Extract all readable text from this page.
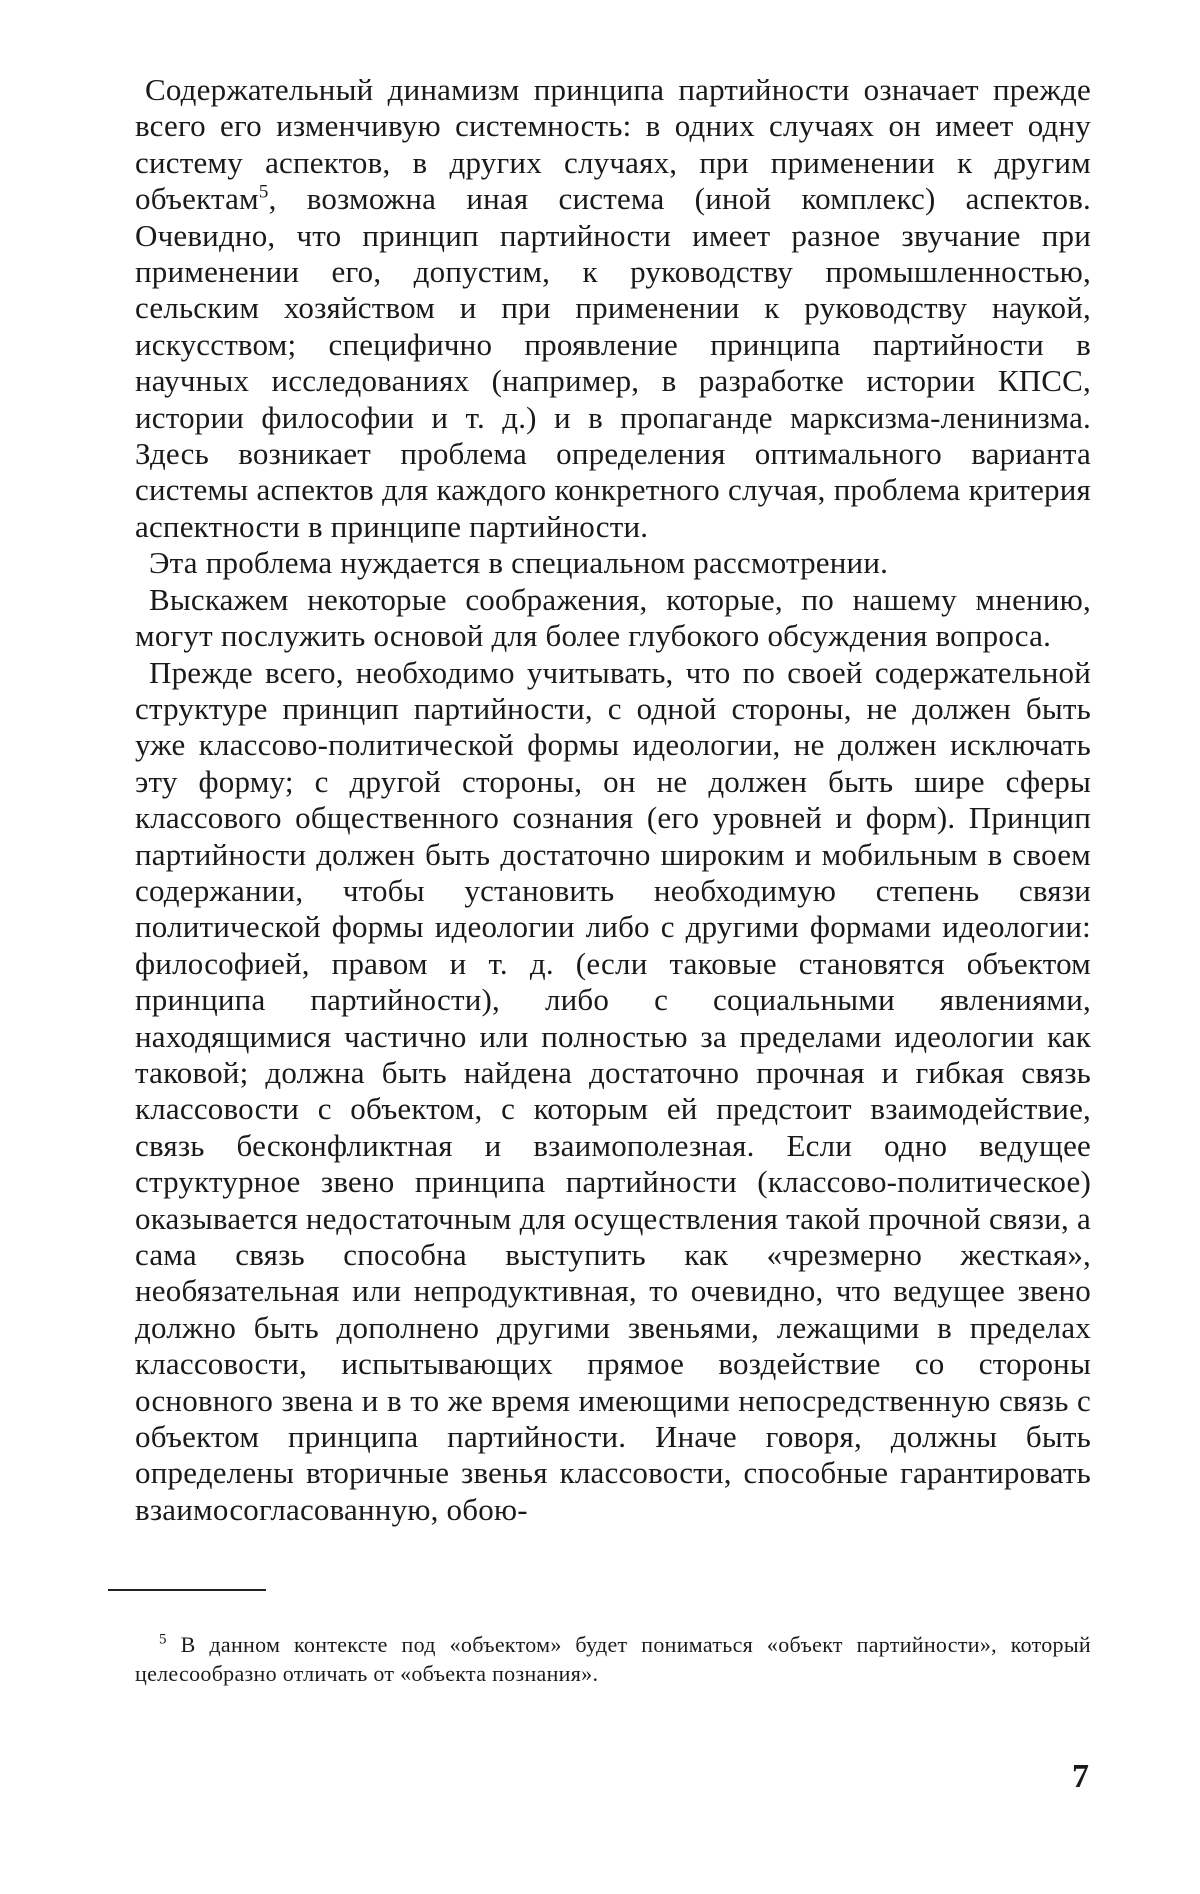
Содержательный динамизм принципа партийности означает прежде всего его изменчивую системность: в одних случаях он имеет одну систему аспектов, в других случаях, при применении к другим объектам$^5$, возможна иная система (иной комплекс) аспектов. Очевидно, что принцип партийности имеет разное звучание при применении его, допустим, к руководству промышленностью, сельским хозяйством и при применении к руководству наукой, искусством; специфично проявление принципа партийности в научных исследованиях (например, в разработке истории КПСС, истории философии и т. д.) и в пропаганде марксизма-ленинизма. Здесь возникает проблема определения оптимального варианта системы аспектов для каждого конкретного случая, проблема критерия аспектности в принципе партийности.

Эта проблема нуждается в специальном рассмотрении.

Выскажем некоторые соображения, которые, по нашему мнению, могут послужить основой для более глубокого обсуждения вопроса.

Прежде всего, необходимо учитывать, что по своей содержательной структуре принцип партийности, с одной стороны, не должен быть уже классово-политической формы идеологии, не должен исключать эту форму; с другой стороны, он не должен быть шире сферы классового общественного сознания (его уровней и форм). Принцип партийности должен быть достаточно широким и мобильным в своем содержании, чтобы установить необходимую степень связи политической формы идеологии либо с другими формами идеологии: философией, правом и т. д. (если таковые становятся объектом принципа партийности), либо с социальными явлениями, находящимися частично или полностью за пределами идеологии как таковой; должна быть найдена достаточно прочная и гибкая связь классовости с объектом, с которым ей предстоит взаимодействие, связь бесконфликтная и взаимополезная. Если одно ведущее структурное звено принципа партийности (классово-политическое) оказывается недостаточным для осуществления такой прочной связи, а сама связь способна выступить как «чрезмерно жесткая», необязательная или непродуктивная, то очевидно, что ведущее звено должно быть дополнено другими звеньями, лежащими в пределах классовости, испытывающих прямое воздействие со стороны основного звена и в то же время имеющими непосредственную связь с объектом принципа партийности. Иначе говоря, должны быть определены вторичные звенья классовости, способные гарантировать взаимосогласованную, обою-

$^5$ В данном контексте под «объектом» будет пониматься «объект партийности», который целесообразно отличать от «объекта познания».

7
